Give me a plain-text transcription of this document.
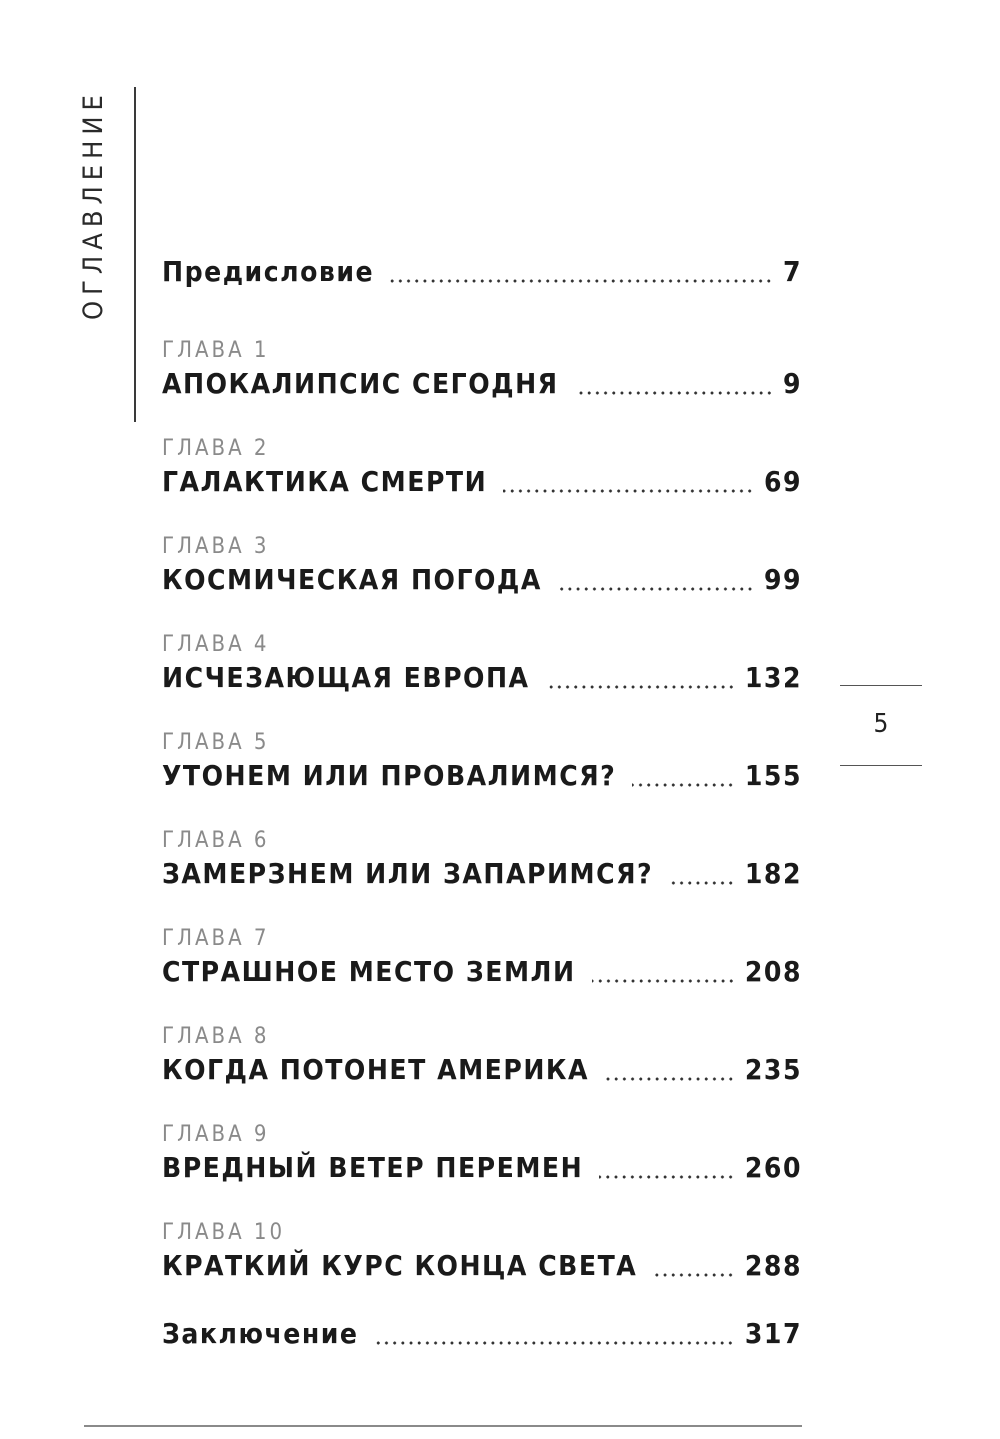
ОГЛАВЛЕНИЕ	Предисловие	7
ГЛАВА 1
АПОКАЛИПСИС СЕГОДНЯ	9
ГЛАВА 2
ГАЛАКТИКА СМЕРТИ	69
ГЛАВА 3
КОСМИЧЕСКАЯ ПОГОДА	99
ГЛАВА 4
ИСЧЕЗАЮЩАЯ ЕВРОПА	132
ГЛАВА 5
УТОНЕМ ИЛИ ПРОВАЛИМСЯ?	155
ГЛАВА 6
ЗАМЕРЗНЕМ ИЛИ ЗАПАРИМСЯ?	182
ГЛАВА 7
СТРАШНОЕ МЕСТО ЗЕМЛИ	208
ГЛАВА 8
КОГДА ПОТОНЕТ АМЕРИКА	235
ГЛАВА 9
ВРЕДНЫЙ ВЕТЕР ПЕРЕМЕН	260
ГЛАВА 10
КРАТКИЙ КУРС КОНЦА СВЕТА	288
Заключение	317
5
